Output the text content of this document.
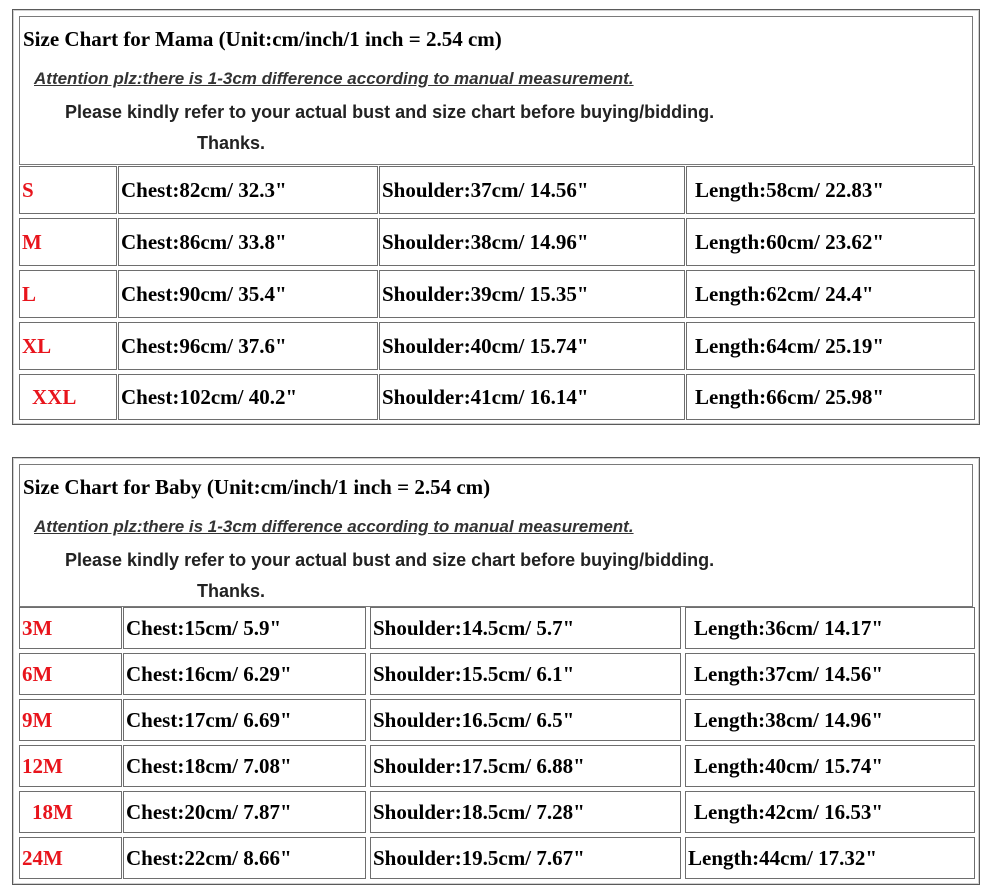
Size Chart for Mama (Unit:cm/inch/1 inch = 2.54 cm)
Attention plz:there is 1-3cm difference according to manual measurement.
Please kindly refer to your actual bust and size chart before buying/bidding.
Thanks.
S	Chest:82cm/ 32.3"	Shoulder:37cm/ 14.56"	Length:58cm/ 22.83"
M	Chest:86cm/ 33.8"	Shoulder:38cm/ 14.96"	Length:60cm/ 23.62"
L	Chest:90cm/ 35.4"	Shoulder:39cm/ 15.35"	Length:62cm/ 24.4"
XL	Chest:96cm/ 37.6"	Shoulder:40cm/ 15.74"	Length:64cm/ 25.19"
XXL	Chest:102cm/ 40.2"	Shoulder:41cm/ 16.14"	Length:66cm/ 25.98"
Size Chart for Baby (Unit:cm/inch/1 inch = 2.54 cm)
Attention plz:there is 1-3cm difference according to manual measurement.
Please kindly refer to your actual bust and size chart before buying/bidding.
Thanks.
3M	Chest:15cm/ 5.9"	Shoulder:14.5cm/ 5.7"	Length:36cm/ 14.17"
6M	Chest:16cm/ 6.29"	Shoulder:15.5cm/ 6.1"	Length:37cm/ 14.56"
9M	Chest:17cm/ 6.69"	Shoulder:16.5cm/ 6.5"	Length:38cm/ 14.96"
12M	Chest:18cm/ 7.08"	Shoulder:17.5cm/ 6.88"	Length:40cm/ 15.74"
18M	Chest:20cm/ 7.87"	Shoulder:18.5cm/ 7.28"	Length:42cm/ 16.53"
24M	Chest:22cm/ 8.66"	Shoulder:19.5cm/ 7.67"	Length:44cm/ 17.32"
